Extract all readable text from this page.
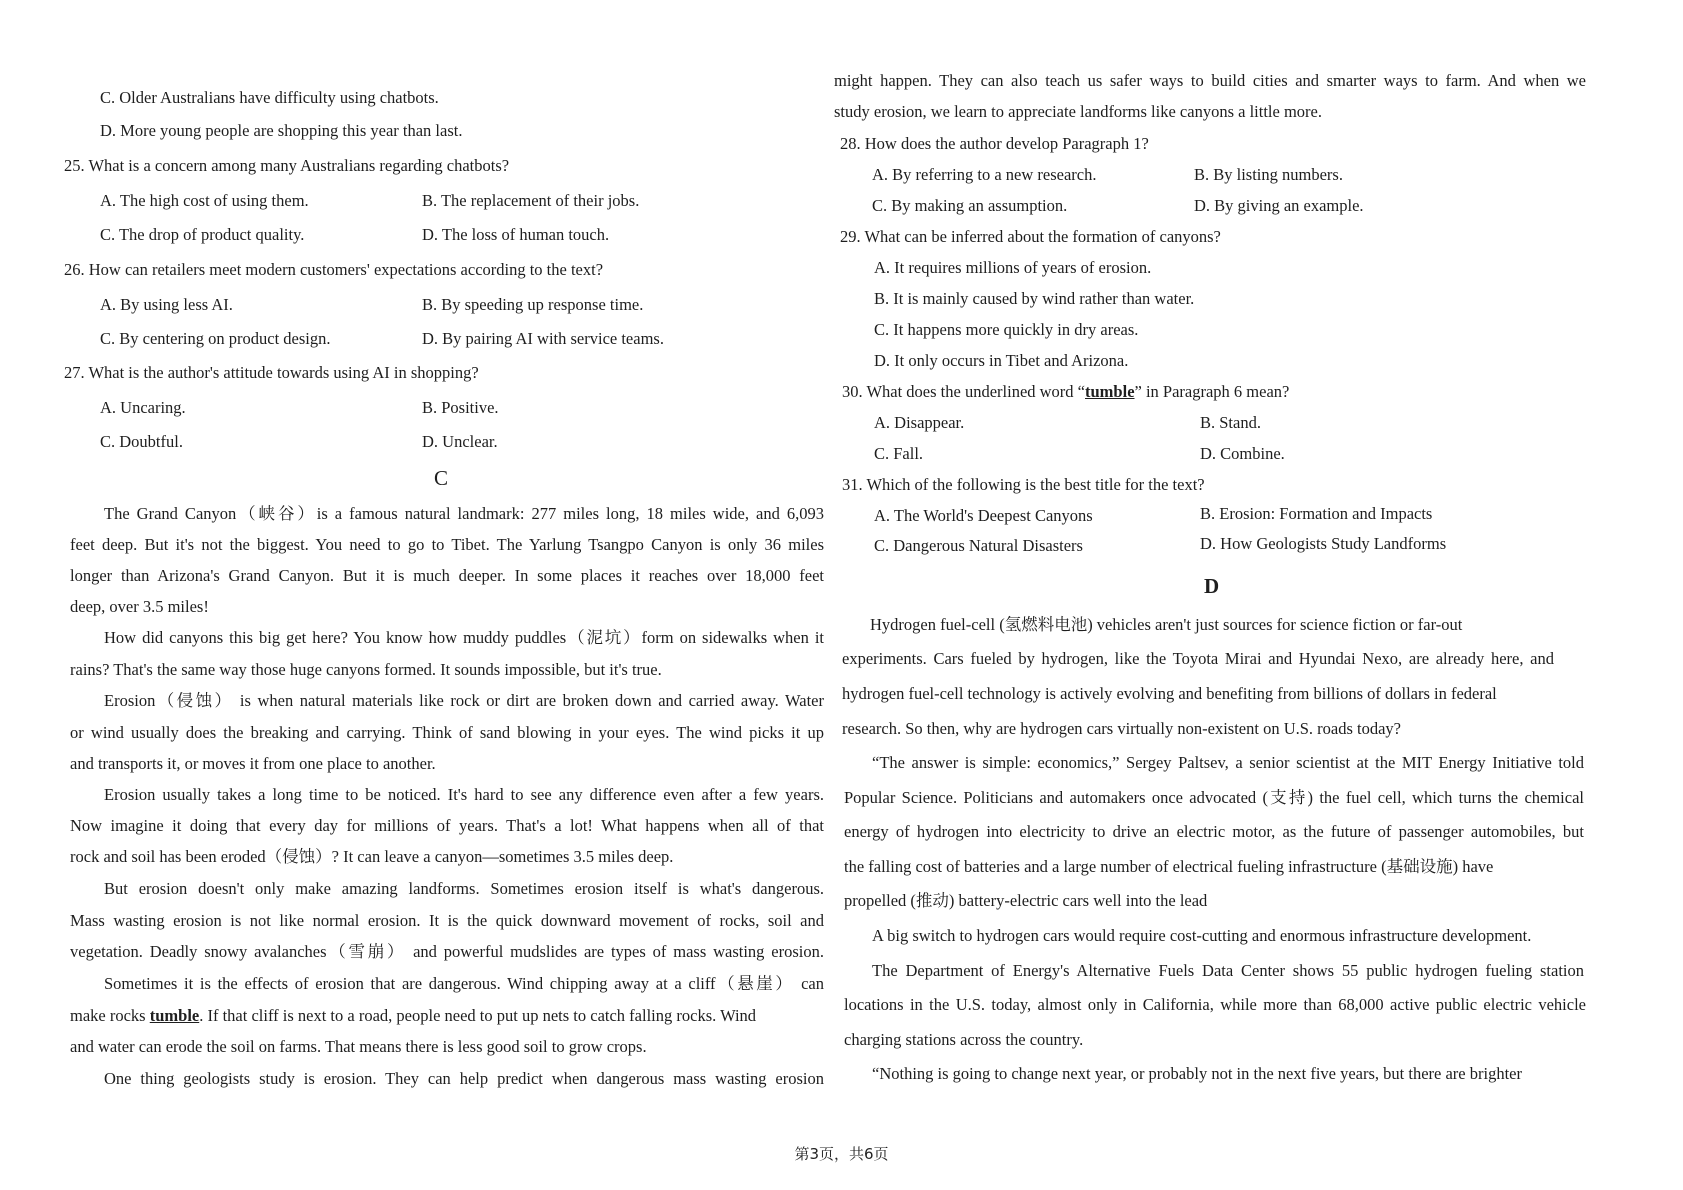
C. Older Australians have difficulty using chatbots.
D. More young people are shopping this year than last.
25. What is a concern among many Australians regarding chatbots?
A. The high cost of using them.	B. The replacement of their jobs.
C. The drop of product quality.	D. The loss of human touch.
26. How can retailers meet modern customers' expectations according to the text?
A. By using less AI.	B. By speeding up response time.
C. By centering on product design.	D. By pairing AI with service teams.
27. What is the author's attitude towards using AI in shopping?
A. Uncaring.	B. Positive.
C. Doubtful.	D. Unclear.
C
The Grand Canyon（峡谷）is a famous natural landmark: 277 miles long, 18 miles wide, and 6,093
feet deep. But it's not the biggest. You need to go to Tibet. The Yarlung Tsangpo Canyon is only 36 miles
longer than Arizona's Grand Canyon. But it is much deeper. In some places it reaches over 18,000 feet
deep, over 3.5 miles!
How did canyons this big get here? You know how muddy puddles（泥坑）form on sidewalks when it
rains? That's the same way those huge canyons formed. It sounds impossible, but it's true.
Erosion（侵蚀） is when natural materials like rock or dirt are broken down and carried away. Water
or wind usually does the breaking and carrying. Think of sand blowing in your eyes. The wind picks it up
and transports it, or moves it from one place to another.
Erosion usually takes a long time to be noticed. It's hard to see any difference even after a few years.
Now imagine it doing that every day for millions of years. That's a lot! What happens when all of that
rock and soil has been eroded（侵蚀）? It can leave a canyon—sometimes 3.5 miles deep.
But erosion doesn't only make amazing landforms. Sometimes erosion itself is what's dangerous.
Mass wasting erosion is not like normal erosion. It is the quick downward movement of rocks, soil and
vegetation. Deadly snowy avalanches（雪崩） and powerful mudslides are types of mass wasting erosion.
Sometimes it is the effects of erosion that are dangerous. Wind chipping away at a cliff（悬崖） can
make rocks tumble. If that cliff is next to a road, people need to put up nets to catch falling rocks. Wind
and water can erode the soil on farms. That means there is less good soil to grow crops.
One thing geologists study is erosion. They can help predict when dangerous mass wasting erosion
might happen. They can also teach us safer ways to build cities and smarter ways to farm. And when we
study erosion, we learn to appreciate landforms like canyons a little more.
28. How does the author develop Paragraph 1?
A. By referring to a new research.	B. By listing numbers.
C. By making an assumption.	D. By giving an example.
29. What can be inferred about the formation of canyons?
A. It requires millions of years of erosion.
B. It is mainly caused by wind rather than water.
C. It happens more quickly in dry areas.
D. It only occurs in Tibet and Arizona.
30. What does the underlined word “tumble” in Paragraph 6 mean?
A. Disappear.	B. Stand.
C. Fall.	D. Combine.
31. Which of the following is the best title for the text?
A. The World's Deepest Canyons	B. Erosion: Formation and Impacts
C. Dangerous Natural Disasters	D. How Geologists Study Landforms
D
Hydrogen fuel-cell (氢燃料电池) vehicles aren't just sources for science fiction or far-out
experiments. Cars fueled by hydrogen, like the Toyota Mirai and Hyundai Nexo, are already here, and
hydrogen fuel-cell technology is actively evolving and benefiting from billions of dollars in federal
research. So then, why are hydrogen cars virtually non-existent on U.S. roads today?
“The answer is simple: economics,” Sergey Paltsev, a senior scientist at the MIT Energy Initiative told
Popular Science. Politicians and automakers once advocated (支持) the fuel cell, which turns the chemical
energy of hydrogen into electricity to drive an electric motor, as the future of passenger automobiles, but
the falling cost of batteries and a large number of electrical fueling infrastructure (基础设施) have
propelled (推动) battery-electric cars well into the lead
A big switch to hydrogen cars would require cost-cutting and enormous infrastructure development.
The Department of Energy's Alternative Fuels Data Center shows 55 public hydrogen fueling station
locations in the U.S. today, almost only in California, while more than 68,000 active public electric vehicle
charging stations across the country.
“Nothing is going to change next year, or probably not in the next five years, but there are brighter
第3页，共6页
